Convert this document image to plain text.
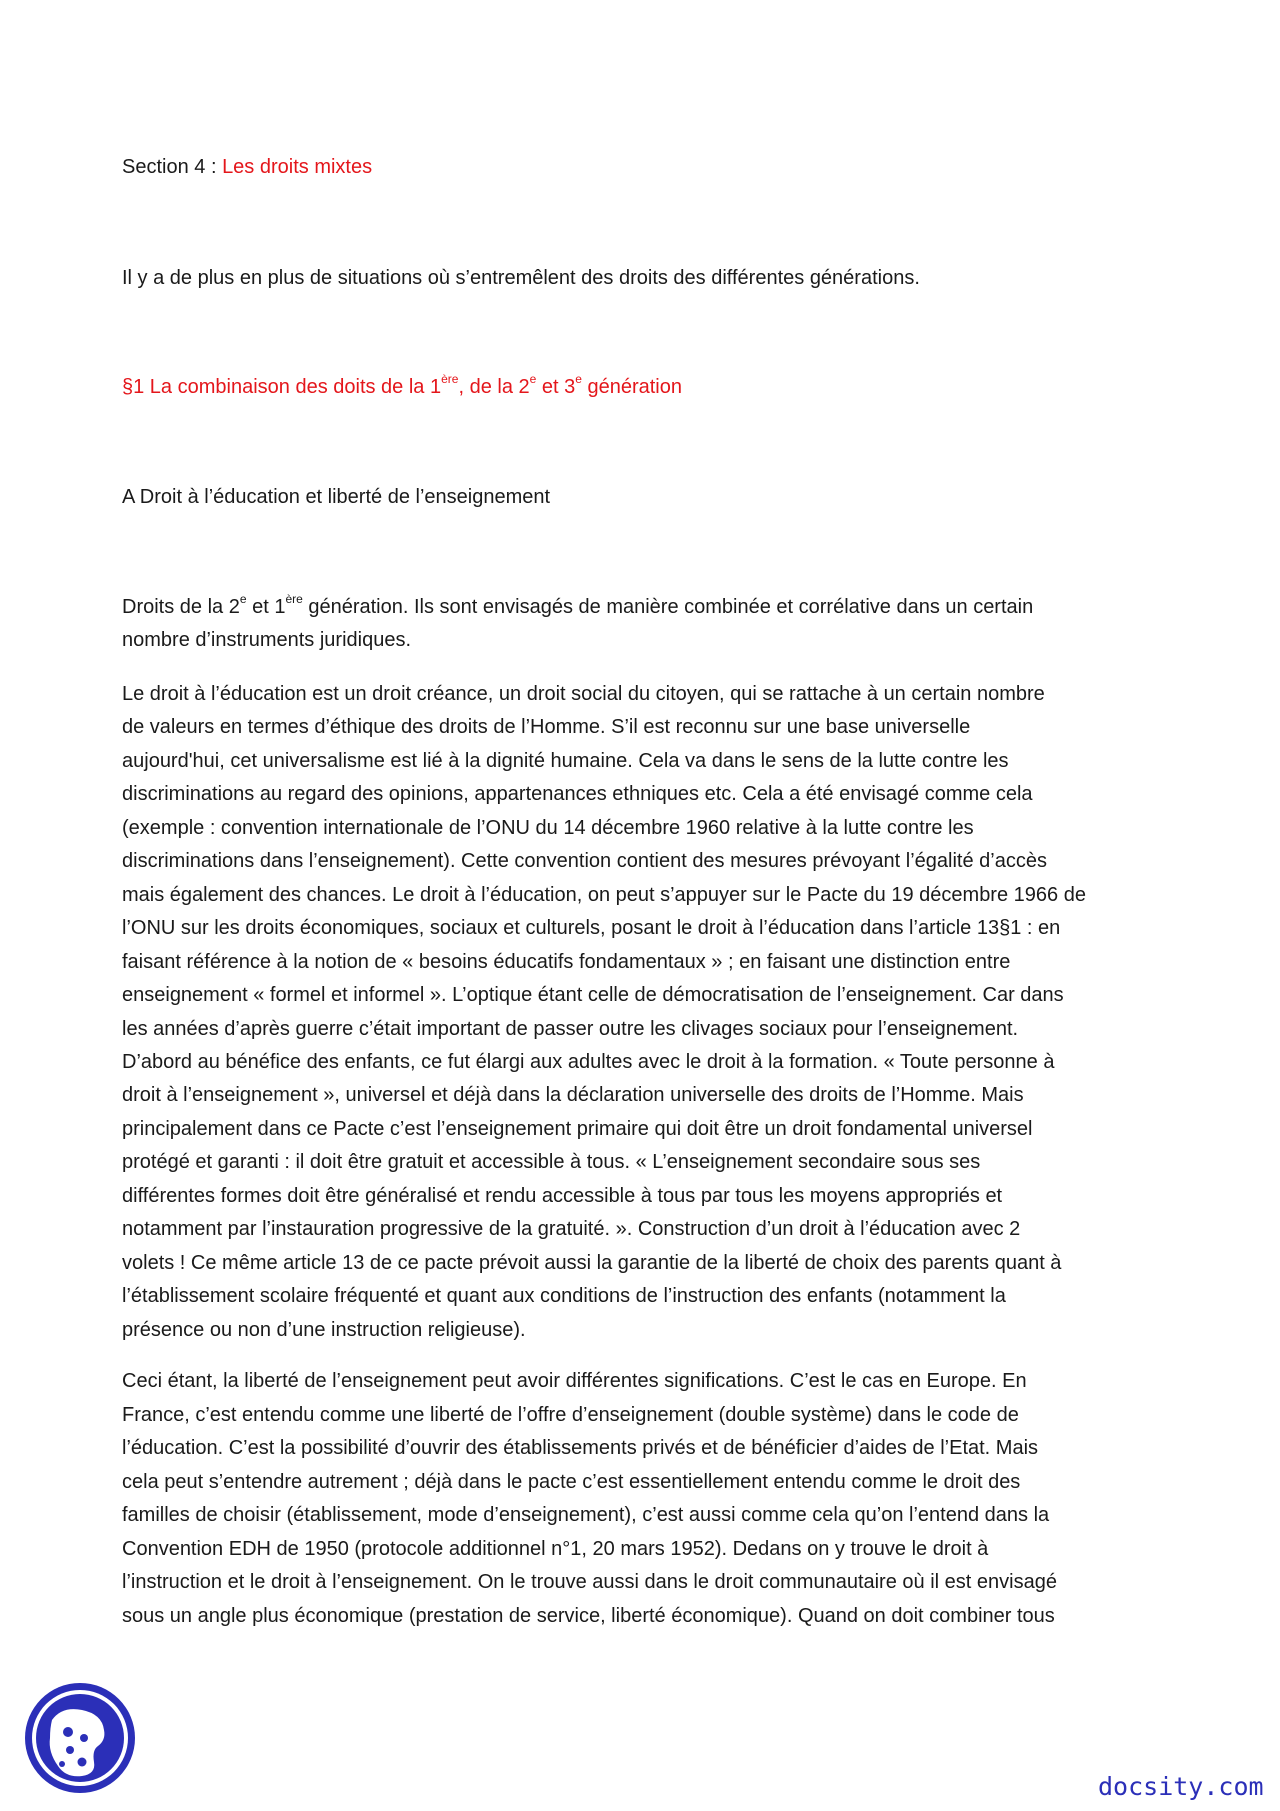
Section 4 : Les droits mixtes
Il y a de plus en plus de situations où s’entremêlent des droits des différentes générations.
§1 La combinaison des doits de la 1ère, de la 2e et 3e génération
A Droit à l’éducation et liberté de l’enseignement
Droits de la 2e et 1ère génération. Ils sont envisagés de manière combinée et corrélative dans un certain
nombre d’instruments juridiques.
Le droit à l’éducation est un droit créance, un droit social du citoyen, qui se rattache à un certain nombre
de valeurs en termes d’éthique des droits de l’Homme. S’il est reconnu sur une base universelle
aujourd'hui, cet universalisme est lié à la dignité humaine. Cela va dans le sens de la lutte contre les
discriminations au regard des opinions, appartenances ethniques etc. Cela a été envisagé comme cela
(exemple : convention internationale de l’ONU du 14 décembre 1960 relative à la lutte contre les
discriminations dans l’enseignement). Cette convention contient des mesures prévoyant l’égalité d’accès
mais également des chances. Le droit à l’éducation, on peut s’appuyer sur le Pacte du 19 décembre 1966 de
l’ONU sur les droits économiques, sociaux et culturels, posant le droit à l’éducation dans l’article 13§1 : en
faisant référence à la notion de « besoins éducatifs fondamentaux » ; en faisant une distinction entre
enseignement « formel et informel ». L’optique étant celle de démocratisation de l’enseignement. Car dans
les années d’après guerre c’était important de passer outre les clivages sociaux pour l’enseignement.
D’abord au bénéfice des enfants, ce fut élargi aux adultes avec le droit à la formation. « Toute personne à
droit à l’enseignement », universel et déjà dans la déclaration universelle des droits de l’Homme. Mais
principalement dans ce Pacte c’est l’enseignement primaire qui doit être un droit fondamental universel
protégé et garanti : il doit être gratuit et accessible à tous. « L’enseignement secondaire sous ses
différentes formes doit être généralisé et rendu accessible à tous par tous les moyens appropriés et
notamment par l’instauration progressive de la gratuité. ». Construction d’un droit à l’éducation avec 2
volets ! Ce même article 13 de ce pacte prévoit aussi la garantie de la liberté de choix des parents quant à
l’établissement scolaire fréquenté et quant aux conditions de l’instruction des enfants (notamment la
présence ou non d’une instruction religieuse).
Ceci étant, la liberté de l’enseignement peut avoir différentes significations. C’est le cas en Europe. En
France, c’est entendu comme une liberté de l’offre d’enseignement (double système) dans le code de
l’éducation. C’est la possibilité d’ouvrir des établissements privés et de bénéficier d’aides de l’Etat. Mais
cela peut s’entendre autrement ; déjà dans le pacte c’est essentiellement entendu comme le droit des
familles de choisir (établissement, mode d’enseignement), c’est aussi comme cela qu’on l’entend dans la
Convention EDH de 1950 (protocole additionnel n°1, 20 mars 1952). Dedans on y trouve le droit à
l’instruction et le droit à l’enseignement. On le trouve aussi dans le droit communautaire où il est envisagé
sous un angle plus économique (prestation de service, liberté économique). Quand on doit combiner tous
docsity.com
